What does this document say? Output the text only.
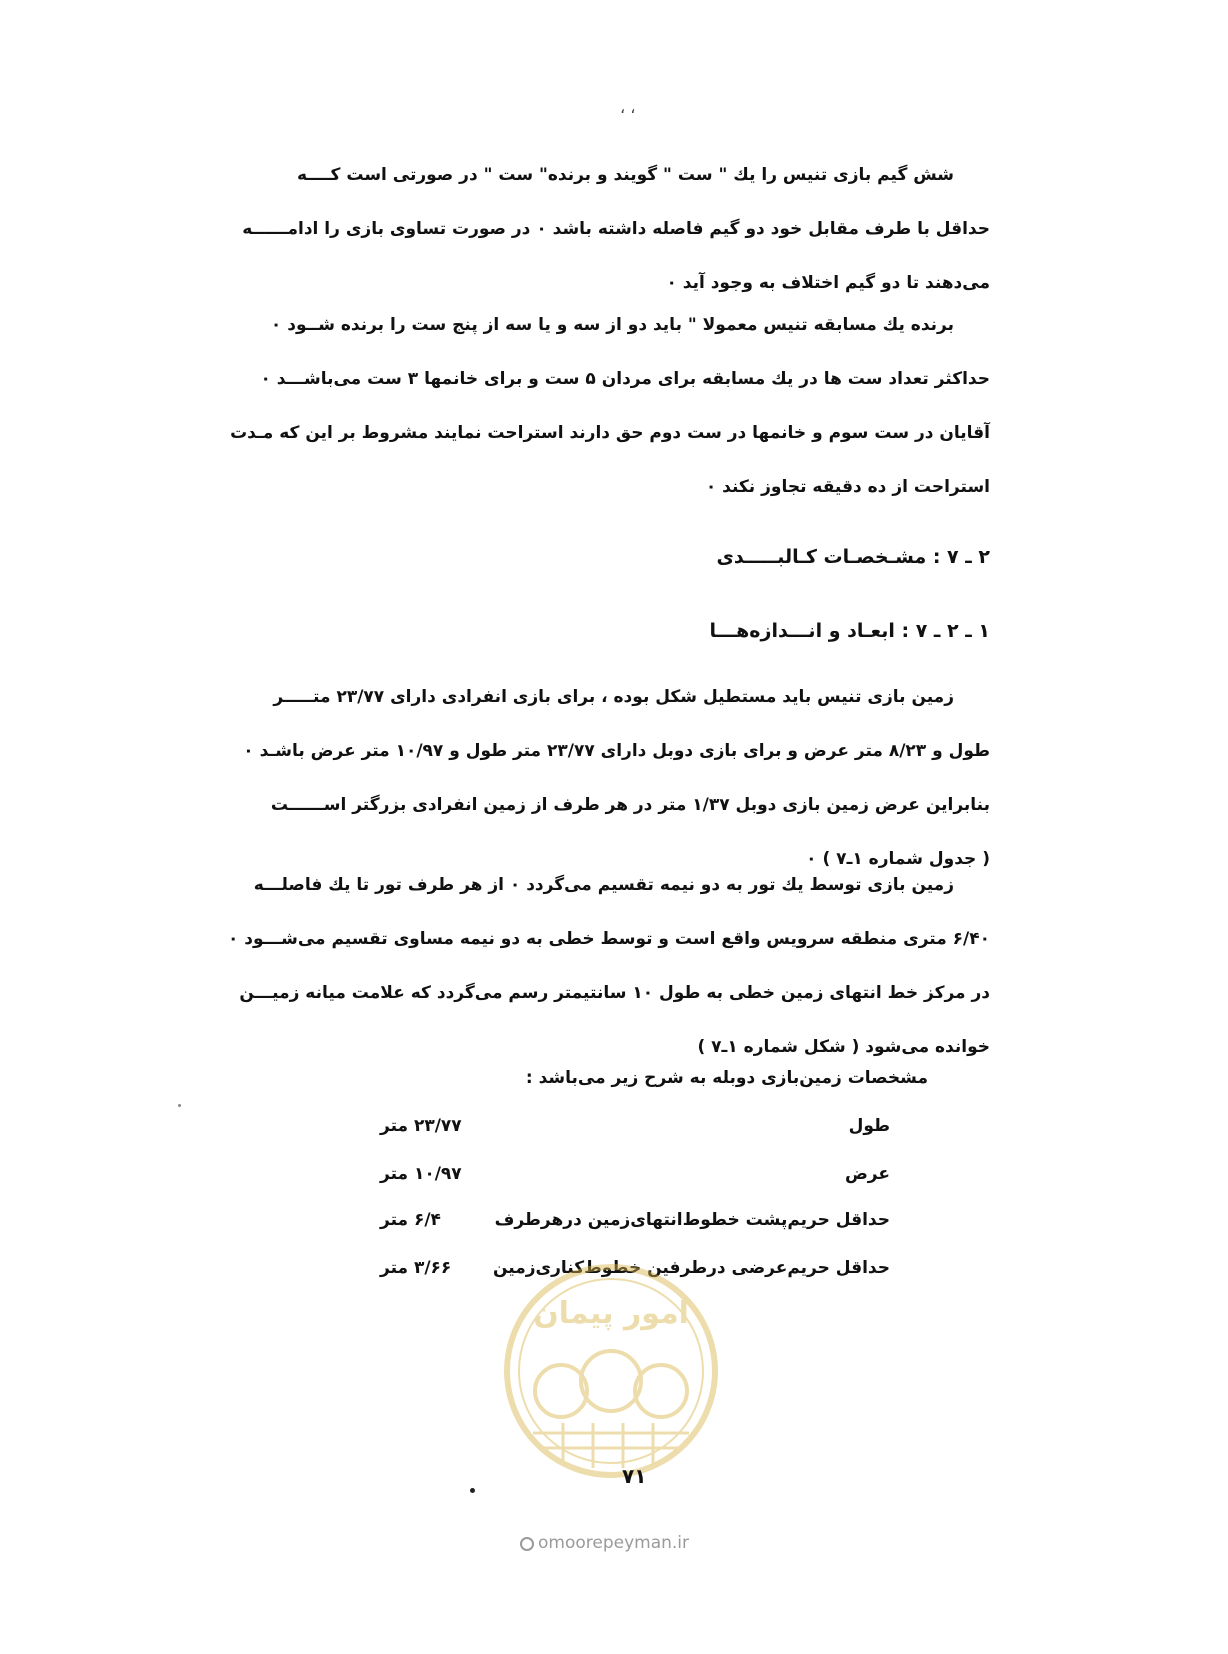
، ،
شش گیم بازی تنیس را یك " ست " گویند و برنده" ست " در صورتی است كــــه
حداقل با طرف مقابل خود دو گیم فاصله داشته باشد ۰ در صورت تساوی بازی را ادامــــــه
می‌دهند تا دو گیم اختلاف به وجود آید ۰
برنده یك مسابقه تنیس معمولا " باید دو از سه و یا سه از پنج ست را برنده شــود ۰
حداكثر تعداد ست ها در یك مسابقه برای مردان ۵ ست و برای خانمها ۳ ست می‌باشـــد ۰
آقایان در ست سوم و خانمها در ست دوم حق دارند استراحت نمایند مشروط بر این كه مـدت
استراحت از ده دقیقه تجاوز نكند ۰
۲ ـ ۷ : مشـخصـات كـالبـــــدی
۱ ـ ۲ ـ ۷ : ابعـاد و انـــدازه‌هـــا
زمین بازی تنیس باید مستطیل شكل بوده ، برای بازی انفرادی دارای ۲۳/۷۷ متـــــر
طول و ۸/۲۳ متر عرض و برای بازی دوبل دارای ۲۳/۷۷ متر طول و ۱۰/۹۷ متر عرض باشـد ۰
بنابراین عرض زمین بازی دوبل ۱/۳۷ متر در هر طرف از زمین انفرادی بزرگتر اســــــت
( جدول شماره ۱ـ۷ ) ۰
زمین بازی توسط یك تور به دو نیمه تقسیم می‌گردد ۰ از هر طرف تور تا یك فاصلـــه
۶/۴۰ متری منطقه سرویس واقع است و توسط خطی به دو نیمه مساوی تقسیم می‌شـــود ۰
در مركز خط انتهای زمین خطی به طول ۱۰ سانتیمتر رسم می‌گردد كه علامت میانه زمیـــن
خوانده می‌شود ( شكل شماره ۱ـ۷ )
مشخصات زمین‌بازی دوبله به شرح زیر می‌باشد :
طول
۲۳/۷۷ متر
عرض
۱۰/۹۷ متر
حداقل حریم‌پشت خطوط‌انتهای‌زمین درهرطرف
۶/۴ متر
حداقل حریم‌عرضی درطرفین خطوط‌كناری‌زمین
۳/۶۶ متر
امور پیمان
۷۱
omoorepeyman.ir
